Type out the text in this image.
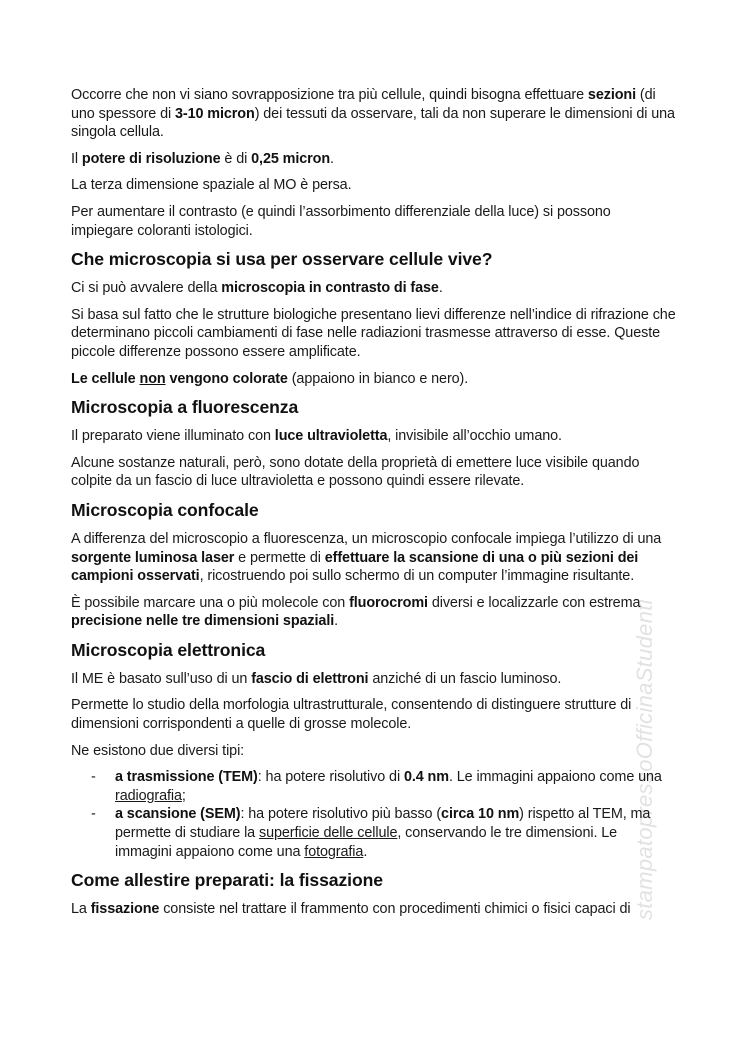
stampatopressoOfficinaStudenti

Occorre che non vi siano sovrapposizione tra più cellule, quindi bisogna effettuare sezioni (di uno spessore di 3-10 micron) dei tessuti da osservare, tali da non superare le dimensioni di una singola cellula.

Il potere di risoluzione è di 0,25 micron.

La terza dimensione spaziale al MO è persa.

Per aumentare il contrasto (e quindi l’assorbimento differenziale della luce) si possono impiegare coloranti istologici.

Che microscopia si usa per osservare cellule vive?

Ci si può avvalere della microscopia in contrasto di fase.

Si basa sul fatto che le strutture biologiche presentano lievi differenze nell’indice di rifrazione che determinano piccoli cambiamenti di fase nelle radiazioni trasmesse attraverso di esse. Queste piccole differenze possono essere amplificate.

Le cellule non vengono colorate (appaiono in bianco e nero).

Microscopia a fluorescenza

Il preparato viene illuminato con luce ultravioletta, invisibile all’occhio umano.

Alcune sostanze naturali, però, sono dotate della proprietà di emettere luce visibile quando colpite da un fascio di luce ultravioletta e possono quindi essere rilevate.

Microscopia confocale

A differenza del microscopio a fluorescenza, un microscopio confocale impiega l’utilizzo di una sorgente luminosa laser e permette di effettuare la scansione di una o più sezioni dei campioni osservati, ricostruendo poi sullo schermo di un computer l’immagine risultante.

È possibile marcare una o più molecole con fluorocromi diversi e localizzarle con estrema precisione nelle tre dimensioni spaziali.

Microscopia elettronica

Il ME è basato sull’uso di un fascio di elettroni anziché di un fascio luminoso.

Permette lo studio della morfologia ultrastrutturale, consentendo di distinguere strutture di dimensioni corrispondenti a quelle di grosse molecole.

Ne esistono due diversi tipi:

- a trasmissione (TEM): ha potere risolutivo di 0.4 nm. Le immagini appaiono come una radiografia;
- a scansione (SEM): ha potere risolutivo più basso (circa 10 nm) rispetto al TEM, ma permette di studiare la superficie delle cellule, conservando le tre dimensioni. Le immagini appaiono come una fotografia.
Come allestire preparati: la fissazione

La fissazione consiste nel trattare il frammento con procedimenti chimici o fisici capaci di
